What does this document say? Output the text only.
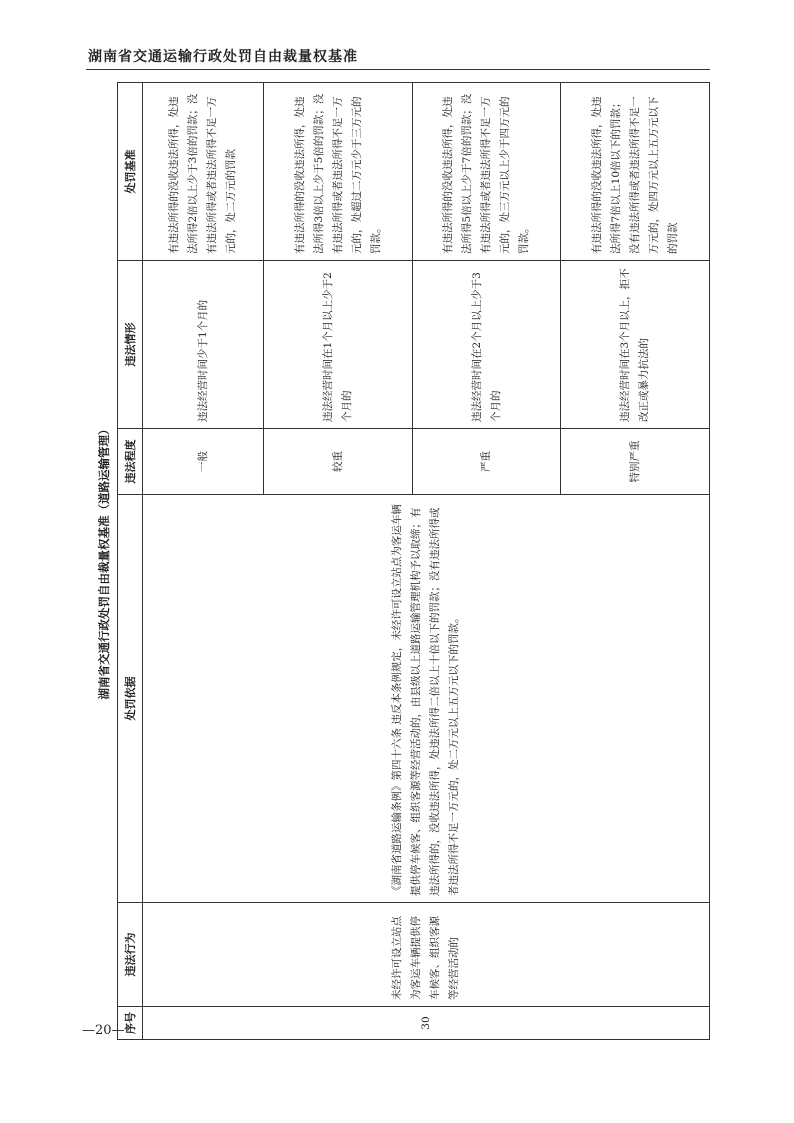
湖南省交通运输行政处罚自由裁量权基准
湖南省交通行政处罚自由裁量权基准（道路运输管理）
序号	违法行为	处罚依据	违法程度	违法情形	处罚基准
30	未经许可设立站点为客运车辆提供停车候客、组织客源等经营活动的	《湖南省道路运输条例》第四十六条 违反本条例规定，未经许可设立站点为客运车辆提供停车候客、组织客源等经营活动的，由县级以上道路运输管理机构予以取缔；有违法所得的，没收违法所得，处违法所得二倍以上十倍以下的罚款；没有违法所得或者违法所得不足一万元的，处二万元以上五万元以下的罚款。	一般	违法经营时间少于1个月的	有违法所得的没收违法所得，处违法所得2倍以上少于3倍的罚款；没有违法所得或者违法所得不足一万元的，处二万元的罚款
			较重	违法经营时间在1个月以上少于2个月的	有违法所得的没收违法所得，处违法所得3倍以上少于5倍的罚款；没有违法所得或者违法所得不足一万元的，处超过二万元少于三万元的罚款。
			严重	违法经营时间在2个月以上少于3个月的	有违法所得的没收违法所得，处违法所得5倍以上少于7倍的罚款；没有违法所得或者违法所得不足一万元的，处三万元以上少于四万元的罚款。
			特别严重	违法经营时间在3个月以上，拒不改正或暴力抗法的	有违法所得的没收违法所得，处违法所得7倍以上10倍以下的罚款；没有违法所得或者违法所得不足一万元的，处四万元以上五万元以下的罚款
—20—
